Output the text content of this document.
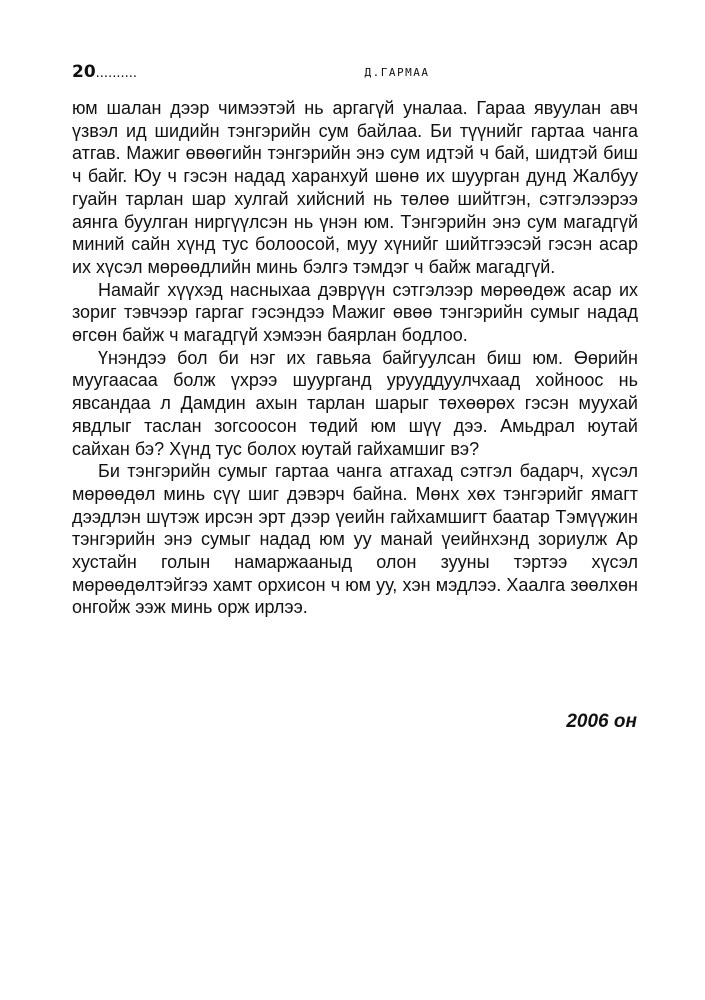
20..........	Д.ГАРМАА

юм шалан дээр чимээтэй нь аргагүй уналаа. Гараа явуулан авч үзвэл ид шидийн тэнгэрийн сум байлаа. Би түүнийг гартаа чанга атгав. Мажиг өвөөгийн тэнгэрийн энэ сум идтэй ч бай, шидтэй биш ч байг. Юу ч гэсэн надад харанхуй шөнө их шуурган дунд Жалбуу гуайн тарлан шар хулгай хийсний нь төлөө шийтгэн, сэтгэлээрээ аянга буулган ниргүүлсэн нь үнэн юм. Тэнгэрийн энэ сум магадгүй миний сайн хүнд тус болоосой, муу хүнийг шийтгээсэй гэсэн асар их хүсэл мөрөөдлийн минь бэлгэ тэмдэг ч байж магадгүй.

Намайг хүүхэд насныхаа дэврүүн сэтгэлээр мөрөөдөж асар их зориг тэвчээр гаргаг гэсэндээ Мажиг өвөө тэнгэрийн сумыг надад өгсөн байж ч магадгүй хэмээн баярлан бодлоо.

Үнэндээ бол би нэг их гавьяа байгуулсан биш юм. Өөрийн муугаасаа болж үхрээ шуурганд урууддуулчхаад хойноос нь явсандаа л Дамдин ахын тарлан шарыг төхөөрөх гэсэн муухай явдлыг таслан зогсоосон төдий юм шүү дээ. Амьдрал юутай сайхан бэ? Хүнд тус болох юутай гайхамшиг вэ?

Би тэнгэрийн сумыг гартаа чанга атгахад сэтгэл бадарч, хүсэл мөрөөдөл минь сүү шиг дэвэрч байна. Мөнх хөх тэнгэрийг ямагт дээдлэн шүтэж ирсэн эрт дээр үеийн гайхамшигт баатар Тэмүүжин тэнгэрийн энэ сумыг надад юм уу манай үеийнхэнд зориулж Ар хустайн голын намаржааныд олон зууны тэртээ хүсэл мөрөөдөлтэйгээ хамт орхисон ч юм уу, хэн мэдлээ. Хаалга зөөлхөн онгойж ээж минь орж ирлээ.

2006 он
